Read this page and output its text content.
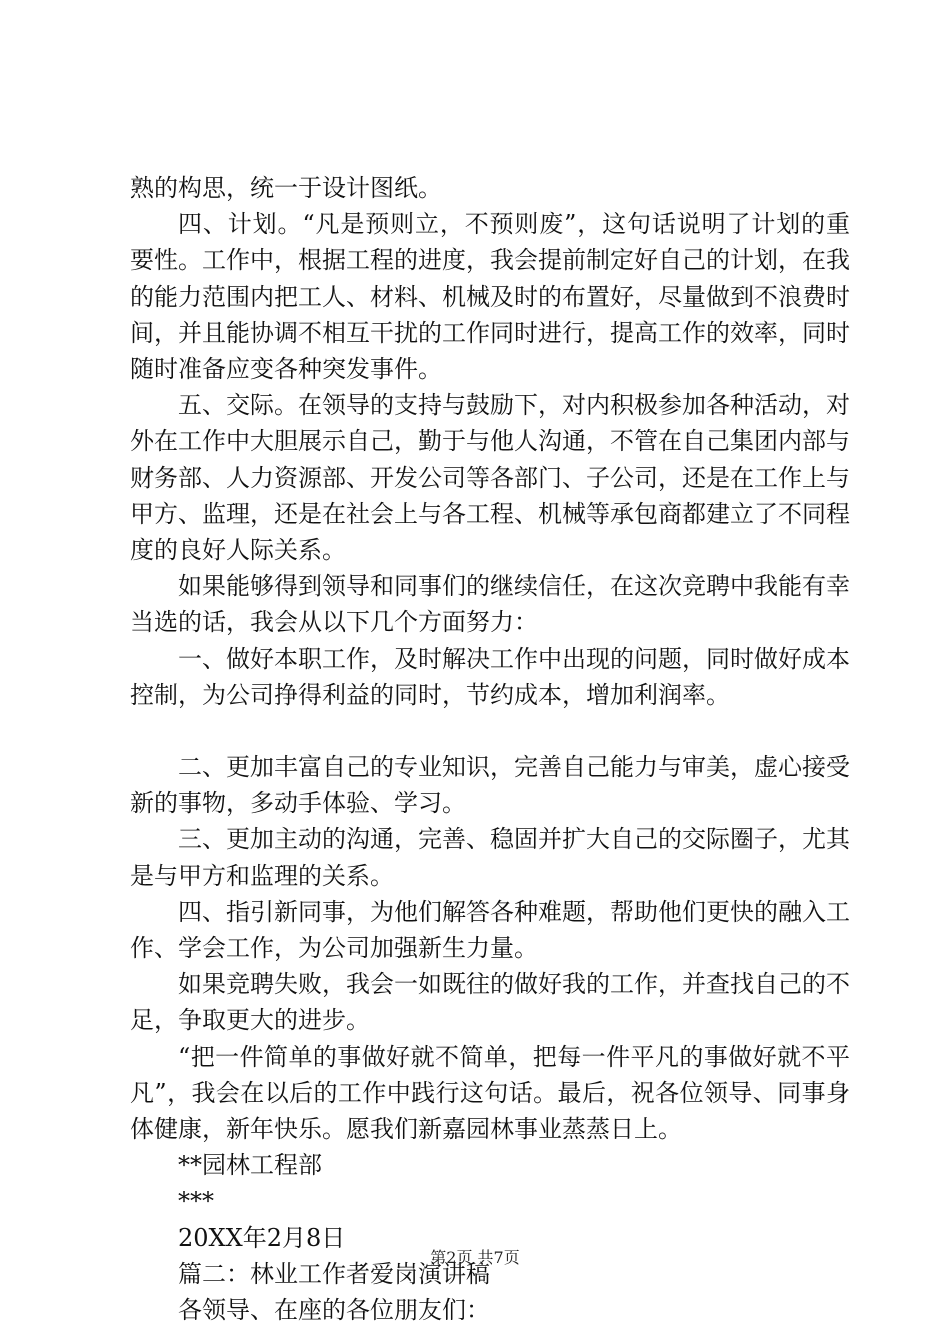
熟的构思，统一于设计图纸。

四、计划。“凡是预则立，不预则废”，这句话说明了计划的重要性。工作中，根据工程的进度，我会提前制定好自己的计划，在我的能力范围内把工人、材料、机械及时的布置好，尽量做到不浪费时间，并且能协调不相互干扰的工作同时进行，提高工作的效率，同时随时准备应变各种突发事件。

五、交际。在领导的支持与鼓励下，对内积极参加各种活动，对外在工作中大胆展示自己，勤于与他人沟通，不管在自己集团内部与财务部、人力资源部、开发公司等各部门、子公司，还是在工作上与甲方、监理，还是在社会上与各工程、机械等承包商都建立了不同程度的良好人际关系。

如果能够得到领导和同事们的继续信任，在这次竞聘中我能有幸当选的话，我会从以下几个方面努力：

一、做好本职工作，及时解决工作中出现的问题，同时做好成本控制，为公司挣得利益的同时，节约成本，增加利润率。

二、更加丰富自己的专业知识，完善自己能力与审美，虚心接受新的事物，多动手体验、学习。

三、更加主动的沟通，完善、稳固并扩大自己的交际圈子，尤其是与甲方和监理的关系。

四、指引新同事，为他们解答各种难题，帮助他们更快的融入工作、学会工作，为公司加强新生力量。

如果竞聘失败，我会一如既往的做好我的工作，并查找自己的不足，争取更大的进步。

“把一件简单的事做好就不简单，把每一件平凡的事做好就不平凡”，我会在以后的工作中践行这句话。最后，祝各位领导、同事身体健康，新年快乐。愿我们新嘉园林事业蒸蒸日上。

**园林工程部

***

20XX年2月8日

篇二：林业工作者爱岗演讲稿

各领导、在座的各位朋友们：

第2页 共7页
